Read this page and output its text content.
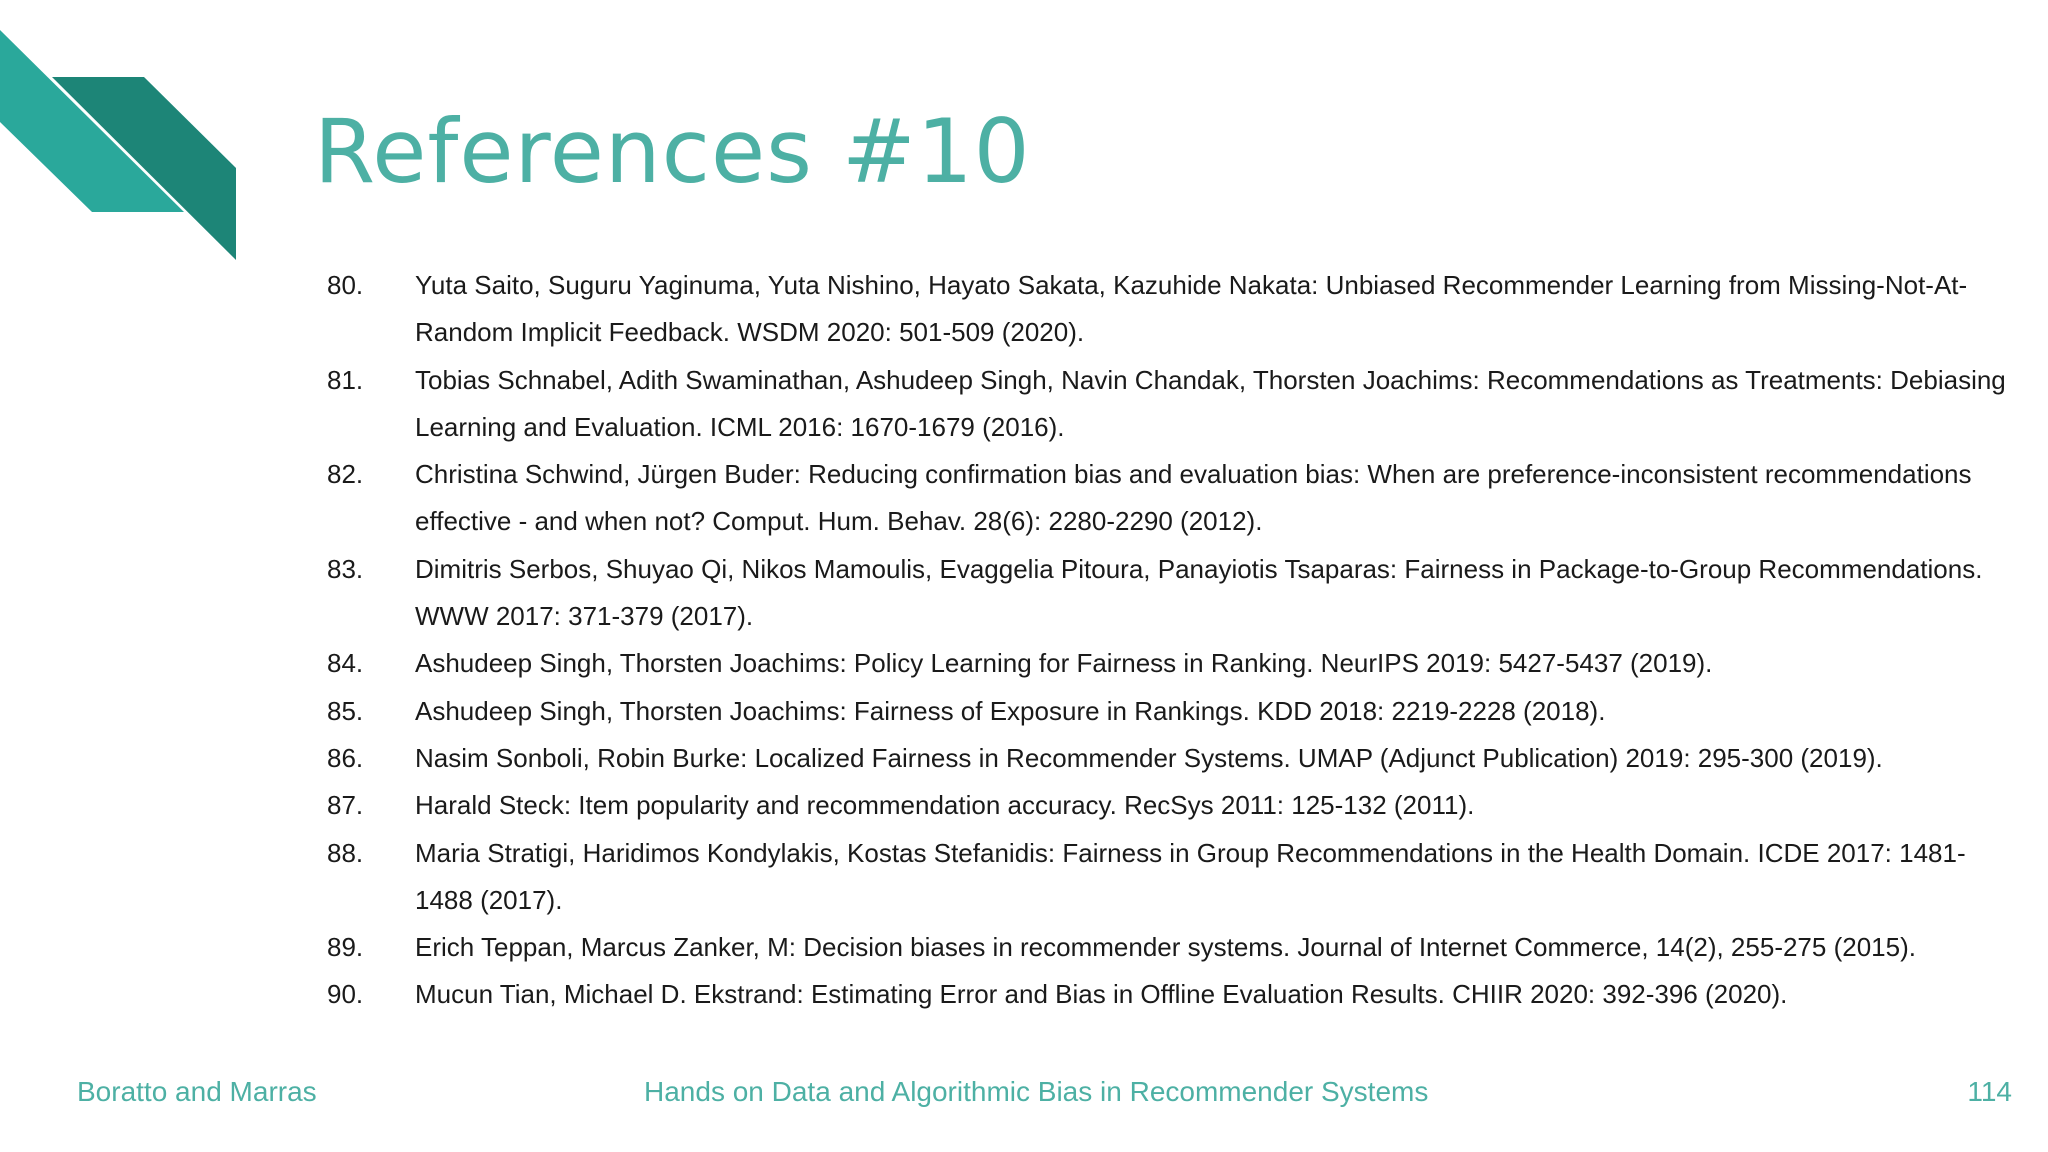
References #10
80.	Yuta Saito, Suguru Yaginuma, Yuta Nishino, Hayato Sakata, Kazuhide Nakata: Unbiased Recommender Learning from Missing-Not-At-Random Implicit Feedback. WSDM 2020: 501-509 (2020).
81.	Tobias Schnabel, Adith Swaminathan, Ashudeep Singh, Navin Chandak, Thorsten Joachims: Recommendations as Treatments: Debiasing Learning and Evaluation. ICML 2016: 1670-1679 (2016).
82.	Christina Schwind, Jürgen Buder: Reducing confirmation bias and evaluation bias: When are preference-inconsistent recommendations effective - and when not? Comput. Hum. Behav. 28(6): 2280-2290 (2012).
83.	Dimitris Serbos, Shuyao Qi, Nikos Mamoulis, Evaggelia Pitoura, Panayiotis Tsaparas: Fairness in Package-to-Group Recommendations. WWW 2017: 371-379 (2017).
84.	Ashudeep Singh, Thorsten Joachims: Policy Learning for Fairness in Ranking. NeurIPS 2019: 5427-5437 (2019).
85.	Ashudeep Singh, Thorsten Joachims: Fairness of Exposure in Rankings. KDD 2018: 2219-2228 (2018).
86.	Nasim Sonboli, Robin Burke: Localized Fairness in Recommender Systems. UMAP (Adjunct Publication) 2019: 295-300 (2019).
87.	Harald Steck: Item popularity and recommendation accuracy. RecSys 2011: 125-132 (2011).
88.	Maria Stratigi, Haridimos Kondylakis, Kostas Stefanidis: Fairness in Group Recommendations in the Health Domain. ICDE 2017: 1481-1488 (2017).
89.	Erich Teppan, Marcus Zanker, M: Decision biases in recommender systems. Journal of Internet Commerce, 14(2), 255-275 (2015).
90.	Mucun Tian, Michael D. Ekstrand: Estimating Error and Bias in Offline Evaluation Results. CHIIR 2020: 392-396 (2020).
Boratto and Marras	Hands on Data and Algorithmic Bias in Recommender Systems	114
